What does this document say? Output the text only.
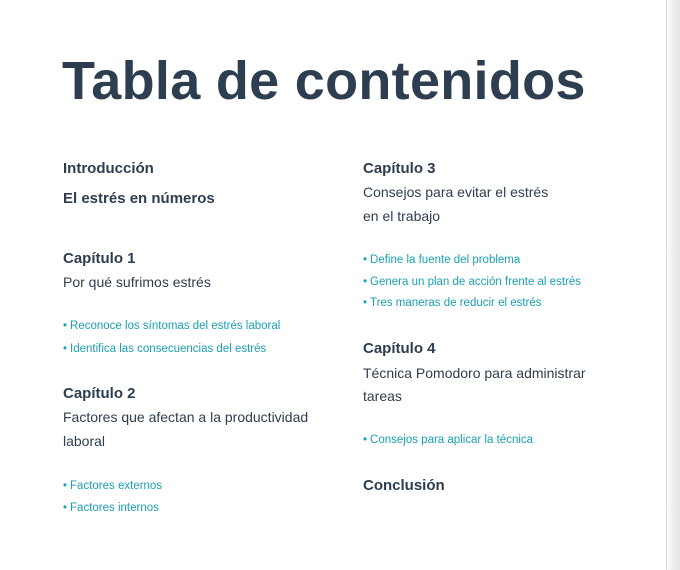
Tabla de contenidos
Introducción
El estrés en números
Capítulo 1
Por qué sufrimos estrés
• Reconoce los síntomas del estrés laboral
• Identifica las consecuencias del estrés
Capítulo 2
Factores que afectan a la productividad
laboral
• Factores externos
• Factores internos
Capítulo 3
Consejos para evitar el estrés
en el trabajo
• Define la fuente del problema
• Genera un plan de acción frente al estrés
• Tres maneras de reducir el estrés
Capítulo 4
Técnica Pomodoro para administrar
tareas
• Consejos para aplicar la técnica
Conclusión
